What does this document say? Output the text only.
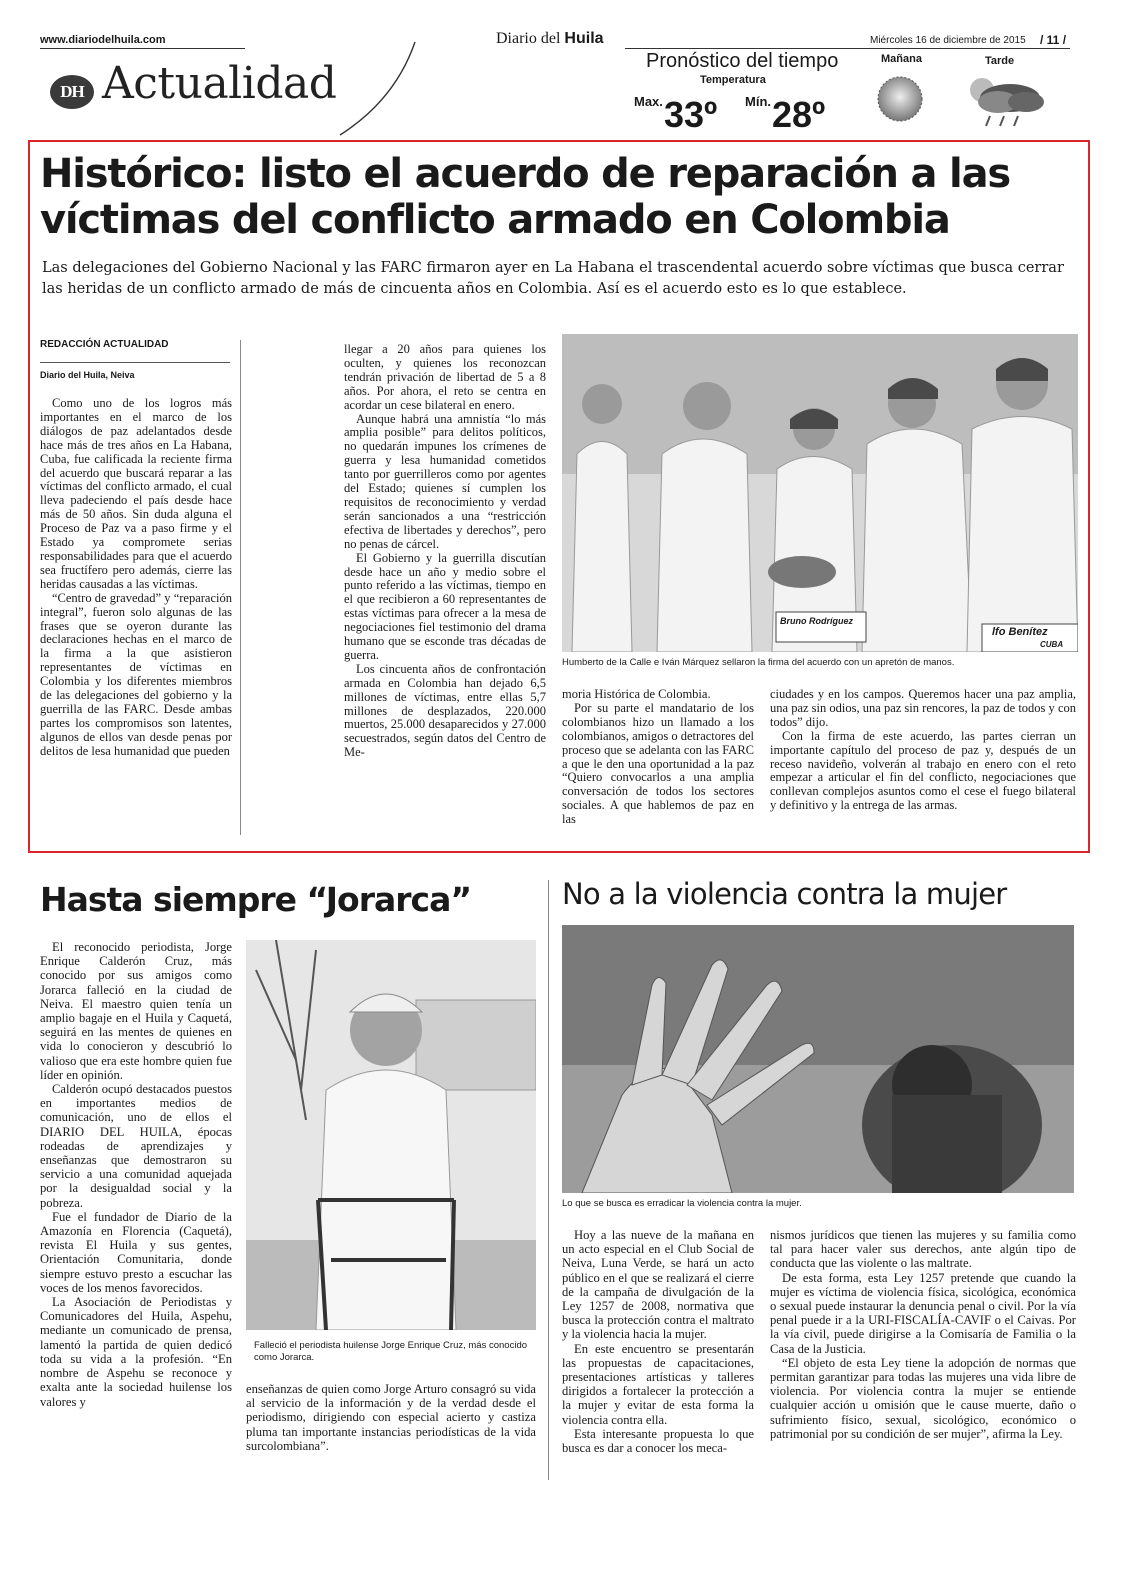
www.diariodelhuila.com	Diario del Huila	Miércoles 16 de diciembre de 2015 / 11 /
DH Actualidad	Pronóstico del tiempo
Temperatura
Max. 33º Mín. 28º
Mañana	Tarde
Histórico: listo el acuerdo de reparación a las víctimas del conflicto armado en Colombia
Las delegaciones del Gobierno Nacional y las FARC firmaron ayer en La Habana el trascendental acuerdo sobre víctimas que busca cerrar las heridas de un conflicto armado de más de cincuenta años en Colombia. Así es el acuerdo esto es lo que establece.
REDACCIÓN ACTUALIDAD
Diario del Huila, Neiva

Como uno de los logros más importantes en el marco de los diálogos de paz adelantados desde hace más de tres años en La Habana, Cuba, fue calificada la reciente firma del acuerdo que buscará reparar a las víctimas del conflicto armado, el cual lleva padeciendo el país desde hace más de 50 años. Sin duda alguna el Proceso de Paz va a paso firme y el Estado ya compromete serias responsabilidades para que el acuerdo sea fructífero pero además, cierre las heridas causadas a las víctimas.

“Centro de gravedad” y “reparación integral”, fueron solo algunas de las frases que se oyeron durante las declaraciones hechas en el marco de la firma a la que asistieron representantes de víctimas en Colombia y los diferentes miembros de las delegaciones del gobierno y la guerrilla de las FARC. Desde ambas partes los compromisos son latentes, algunos de ellos van desde penas por delitos de lesa humanidad que pueden

llegar a 20 años para quienes los oculten, y quienes los reconozcan tendrán privación de libertad de 5 a 8 años. Por ahora, el reto se centra en acordar un cese bilateral en enero.

Aunque habrá una amnistía “lo más amplia posible” para delitos políticos, no quedarán impunes los crímenes de guerra y lesa humanidad cometidos tanto por guerrilleros como por agentes del Estado; quienes sí cumplen los requisitos de reconocimiento y verdad serán sancionados a una “restricción efectiva de libertades y derechos”, pero no penas de cárcel.

El Gobierno y la guerrilla discutían desde hace un año y medio sobre el punto referido a las víctimas, tiempo en el que recibieron a 60 representantes de estas víctimas para ofrecer a la mesa de negociaciones fiel testimonio del drama humano que se esconde tras décadas de guerra.

Los cincuenta años de confrontación armada en Colombia han dejado 6,5 millones de víctimas, entre ellas 5,7 millones de desplazados, 220.000 muertos, 25.000 desaparecidos y 27.000 secuestrados, según datos del Centro de Me-

Bruno Rodríguez
lfo Benítez
CUBA
Humberto de la Calle e Iván Márquez sellaron la firma del acuerdo con un apretón de manos.

moria Histórica de Colombia.

Por su parte el mandatario de los colombianos hizo un llamado a los colombianos, amigos o detractores del proceso que se adelanta con las FARC a que le den una oportunidad a la paz “Quiero convocarlos a una amplia conversación de todos los sectores sociales. A que hablemos de paz en las

ciudades y en los campos. Queremos hacer una paz amplia, una paz sin odios, una paz sin rencores, la paz de todos y con todos” dijo.

Con la firma de este acuerdo, las partes cierran un importante capítulo del proceso de paz y, después de un receso navideño, volverán al trabajo en enero con el reto empezar a articular el fin del conflicto, negociaciones que conllevan complejos asuntos como el cese el fuego bilateral y definitivo y la entrega de las armas.

Hasta siempre “Jorarca”

El reconocido periodista, Jorge Enrique Calderón Cruz, más conocido por sus amigos como Jorarca falleció en la ciudad de Neiva. El maestro quien tenía un amplio bagaje en el Huila y Caquetá, seguirá en las mentes de quienes en vida lo conocieron y descubrió lo valioso que era este hombre quien fue líder en opinión.

Calderón ocupó destacados puestos en importantes medios de comunicación, uno de ellos el DIARIO DEL HUILA, épocas rodeadas de aprendizajes y enseñanzas que demostraron su servicio a una comunidad aquejada por la desigualdad social y la pobreza.

Fue el fundador de Diario de la Amazonía en Florencia (Caquetá), revista El Huila y sus gentes, Orientación Comunitaria, donde siempre estuvo presto a escuchar las voces de los menos favorecidos.

La Asociación de Periodistas y Comunicadores del Huila, Aspehu, mediante un comunicado de prensa, lamentó la partida de quien dedicó toda su vida a la profesión. “En nombre de Aspehu se reconoce y exalta ante la sociedad huilense los valores y

Falleció el periodista huilense Jorge Enrique Cruz, más conocido como Jorarca.

enseñanzas de quien como Jorge Arturo consagró su vida al servicio de la información y de la verdad desde el periodismo, dirigiendo con especial acierto y castiza pluma tan importante instancias periodísticas de la vida surcolombiana”.

No a la violencia contra la mujer
Lo que se busca es erradicar la violencia contra la mujer.

Hoy a las nueve de la mañana en un acto especial en el Club Social de Neiva, Luna Verde, se hará un acto público en el que se realizará el cierre de la campaña de divulgación de la Ley 1257 de 2008, normativa que busca la protección contra el maltrato y la violencia hacia la mujer.

En este encuentro se presentarán las propuestas de capacitaciones, presentaciones artísticas y talleres dirigidos a fortalecer la protección a la mujer y evitar de esta forma la violencia contra ella.

Esta interesante propuesta lo que busca es dar a conocer los meca-

nismos jurídicos que tienen las mujeres y su familia como tal para hacer valer sus derechos, ante algún tipo de conducta que las violente o las maltrate.

De esta forma, esta Ley 1257 pretende que cuando la mujer es víctima de violencia física, sicológica, económica o sexual puede instaurar la denuncia penal o civil. Por la vía penal puede ir a la URI-FISCALÍA-CAVIF o el Caivas. Por la vía civil, puede dirigirse a la Comisaría de Familia o la Casa de la Justicia.

“El objeto de esta Ley tiene la adopción de normas que permitan garantizar para todas las mujeres una vida libre de violencia. Por violencia contra la mujer se entiende cualquier acción u omisión que le cause muerte, daño o sufrimiento físico, sexual, sicológico, económico o patrimonial por su condición de ser mujer”, afirma la Ley.
